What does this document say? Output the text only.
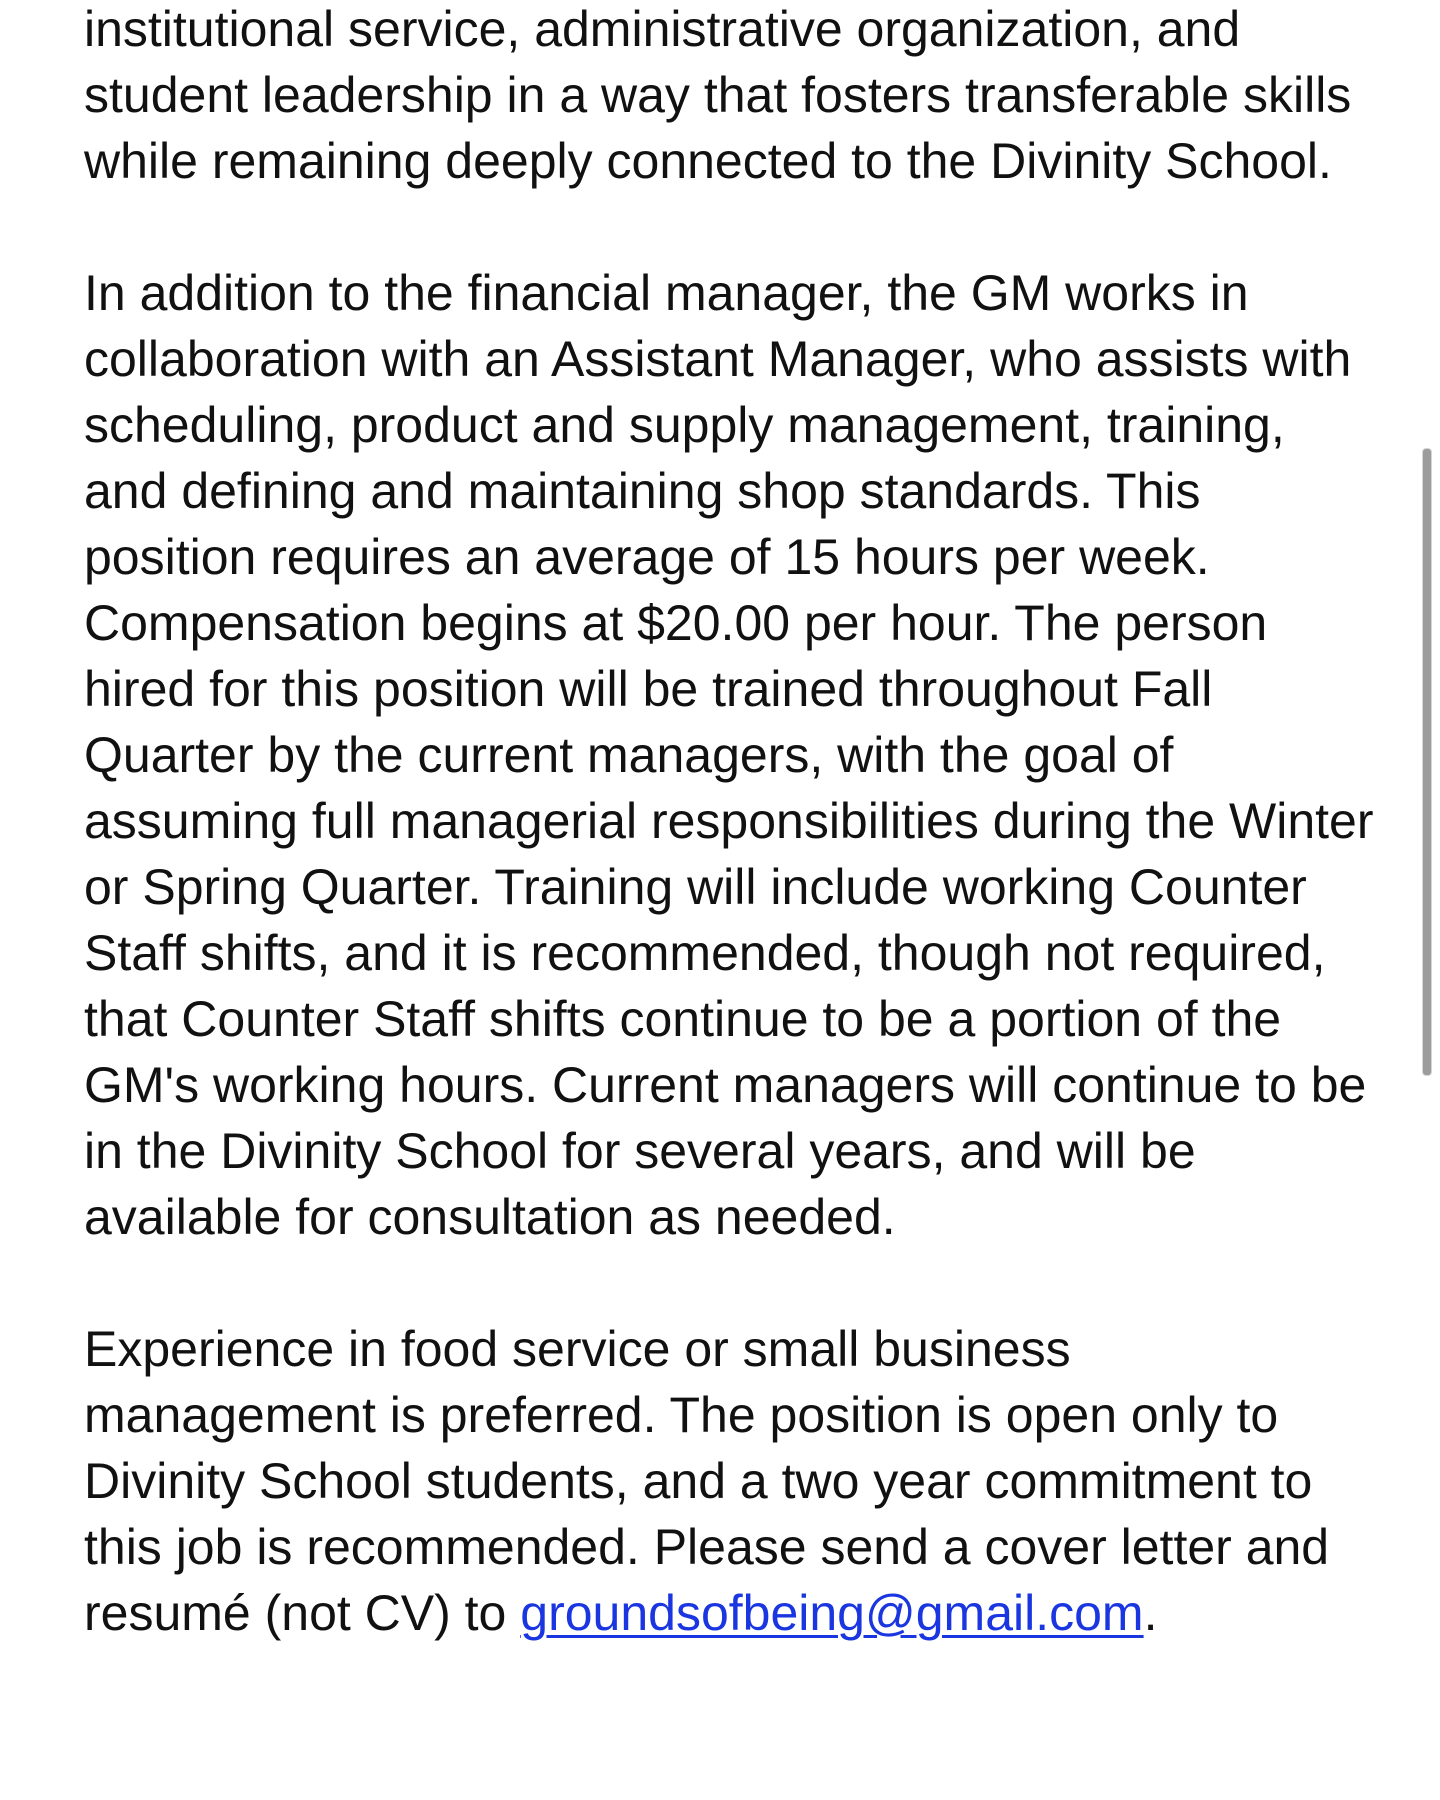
institutional service, administrative organization, and student leadership in a way that fosters transferable skills while remaining deeply connected to the Divinity School.

In addition to the financial manager, the GM works in collaboration with an Assistant Manager, who assists with scheduling, product and supply management, training, and defining and maintaining shop standards. This position requires an average of 15 hours per week. Compensation begins at $20.00 per hour. The person hired for this position will be trained throughout Fall Quarter by the current managers, with the goal of assuming full managerial responsibilities during the Winter or Spring Quarter. Training will include working Counter Staff shifts, and it is recommended, though not required, that Counter Staff shifts continue to be a portion of the GM's working hours. Current managers will continue to be in the Divinity School for several years, and will be available for consultation as needed.

Experience in food service or small business management is preferred. The position is open only to Divinity School students, and a two year commitment to this job is recommended. Please send a cover letter and resumé (not CV) to groundsofbeing@gmail.com.
